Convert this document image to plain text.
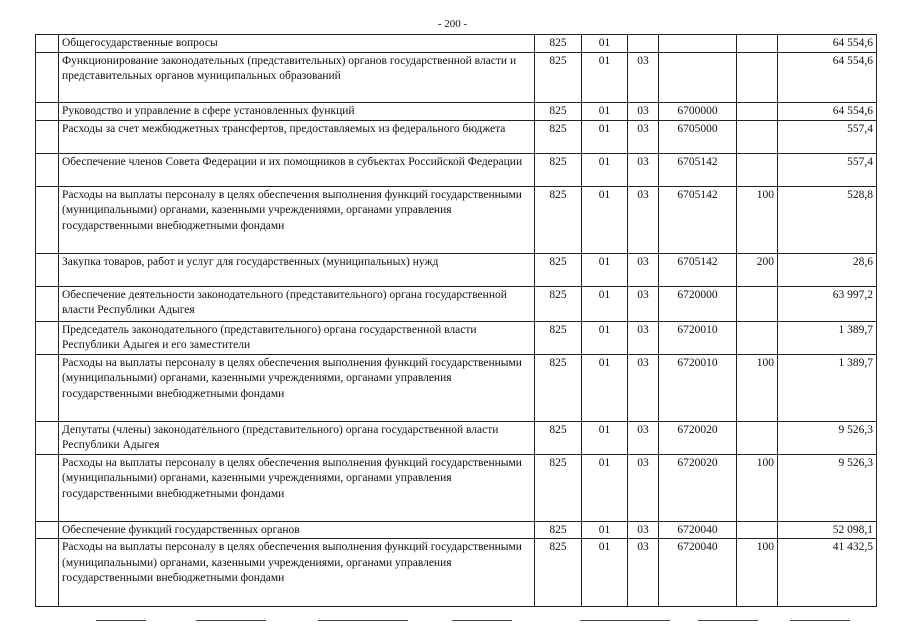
- 200 -
	Общегосударственные вопросы	825	01				64 554,6
	Функционирование законодательных (представительных) органов государственной власти и представительных органов муниципальных образований	825	01	03			64 554,6
	Руководство и управление в сфере установленных функций	825	01	03	6700000		64 554,6
	Расходы за счет межбюджетных трансфертов, предоставляемых из федерального бюджета	825	01	03	6705000		557,4
	Обеспечение членов Совета Федерации и их помощников в субъектах Российской Федерации	825	01	03	6705142		557,4
	Расходы на выплаты персоналу в целях обеспечения выполнения функций государственными (муниципальными) органами, казенными учреждениями, органами управления государственными внебюджетными фондами	825	01	03	6705142	100	528,8
	Закупка товаров, работ и услуг для государственных (муниципальных) нужд	825	01	03	6705142	200	28,6
	Обеспечение деятельности законодательного (представительного) органа государственной власти Республики Адыгея	825	01	03	6720000		63 997,2
	Председатель законодательного (представительного) органа государственной власти Республики Адыгея и его заместители	825	01	03	6720010		1 389,7
	Расходы на выплаты персоналу в целях обеспечения выполнения функций государственными (муниципальными) органами, казенными учреждениями, органами управления государственными внебюджетными фондами	825	01	03	6720010	100	1 389,7
	Депутаты (члены) законодательного (представительного) органа государственной власти Республики Адыгея	825	01	03	6720020		9 526,3
	Расходы на выплаты персоналу в целях обеспечения выполнения функций государственными (муниципальными) органами, казенными учреждениями, органами управления государственными внебюджетными фондами	825	01	03	6720020	100	9 526,3
	Обеспечение функций государственных органов	825	01	03	6720040		52 098,1
	Расходы на выплаты персоналу в целях обеспечения выполнения функций государственными (муниципальными) органами, казенными учреждениями, органами управления государственными внебюджетными фондами	825	01	03	6720040	100	41 432,5
